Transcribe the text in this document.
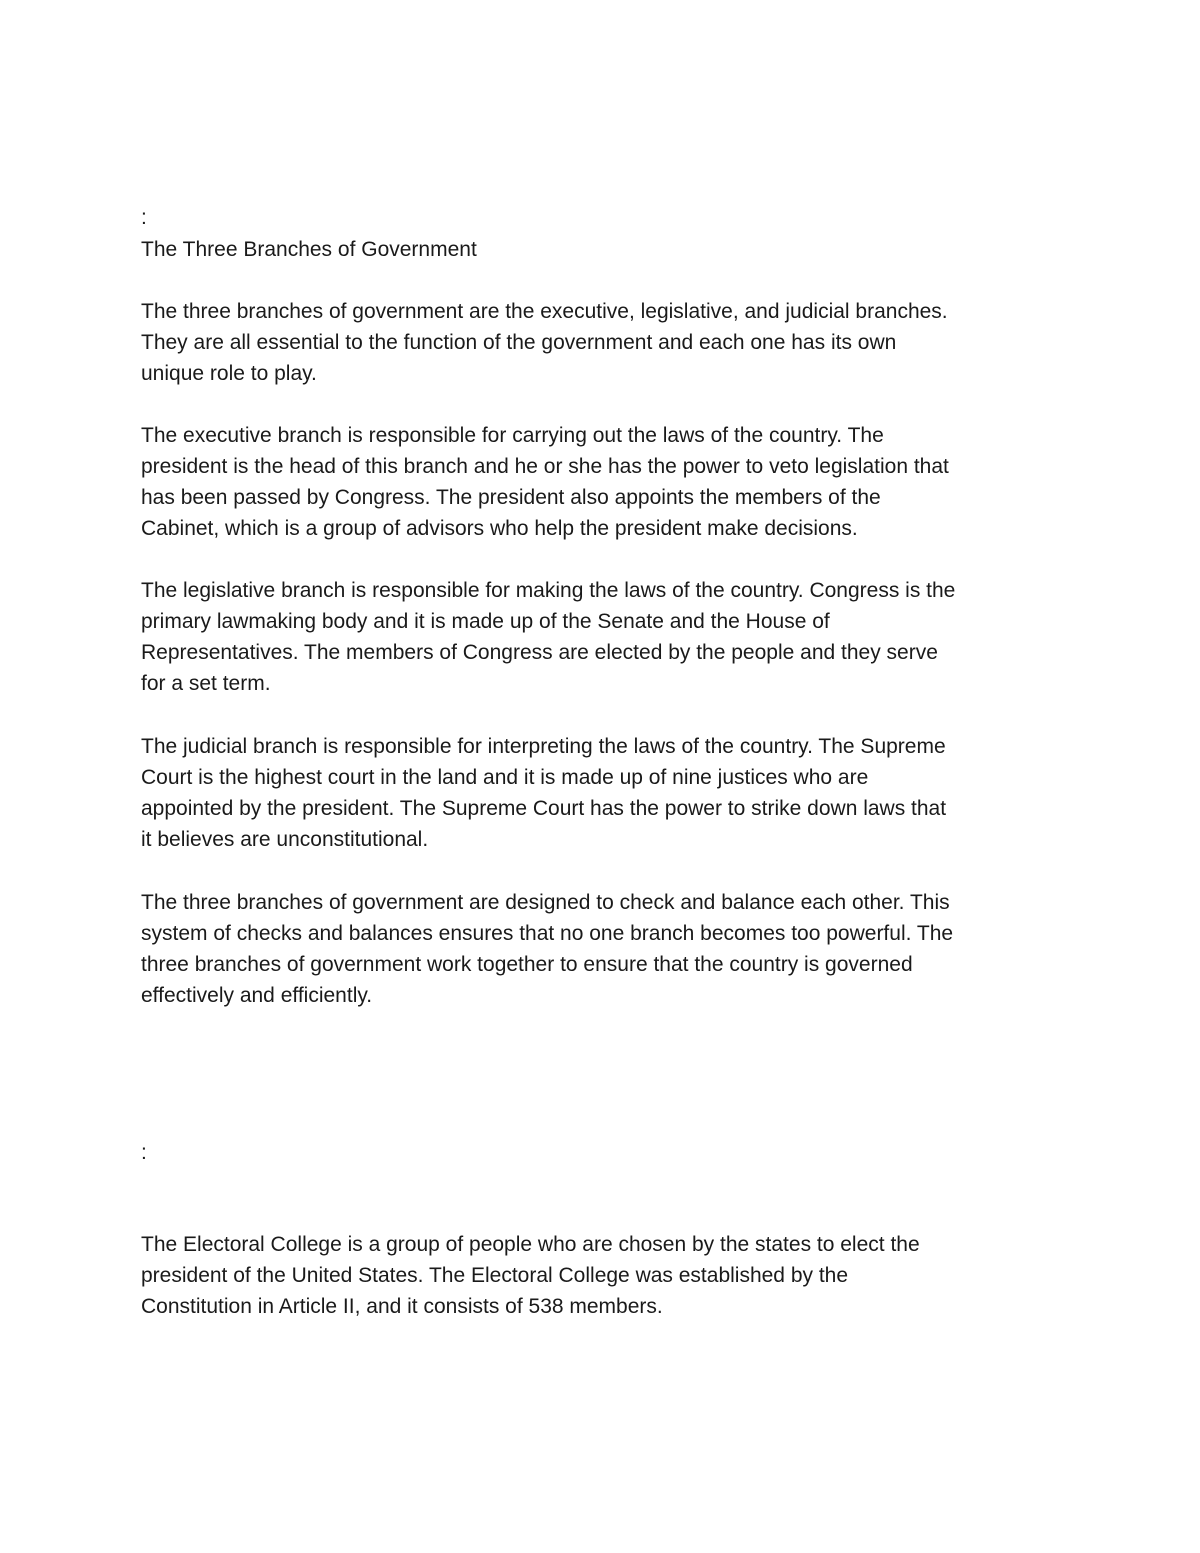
:

The Three Branches of Government

The three branches of government are the executive, legislative, and judicial branches.
They are all essential to the function of the government and each one has its own
unique role to play.
The executive branch is responsible for carrying out the laws of the country. The
president is the head of this branch and he or she has the power to veto legislation that
has been passed by Congress. The president also appoints the members of the
Cabinet, which is a group of advisors who help the president make decisions.
The legislative branch is responsible for making the laws of the country. Congress is the
primary lawmaking body and it is made up of the Senate and the House of
Representatives. The members of Congress are elected by the people and they serve
for a set term.
The judicial branch is responsible for interpreting the laws of the country. The Supreme
Court is the highest court in the land and it is made up of nine justices who are
appointed by the president. The Supreme Court has the power to strike down laws that
it believes are unconstitutional.
The three branches of government are designed to check and balance each other. This
system of checks and balances ensures that no one branch becomes too powerful. The
three branches of government work together to ensure that the country is governed
effectively and efficiently.

:

The Electoral College is a group of people who are chosen by the states to elect the
president of the United States. The Electoral College was established by the
Constitution in Article II, and it consists of 538 members.
